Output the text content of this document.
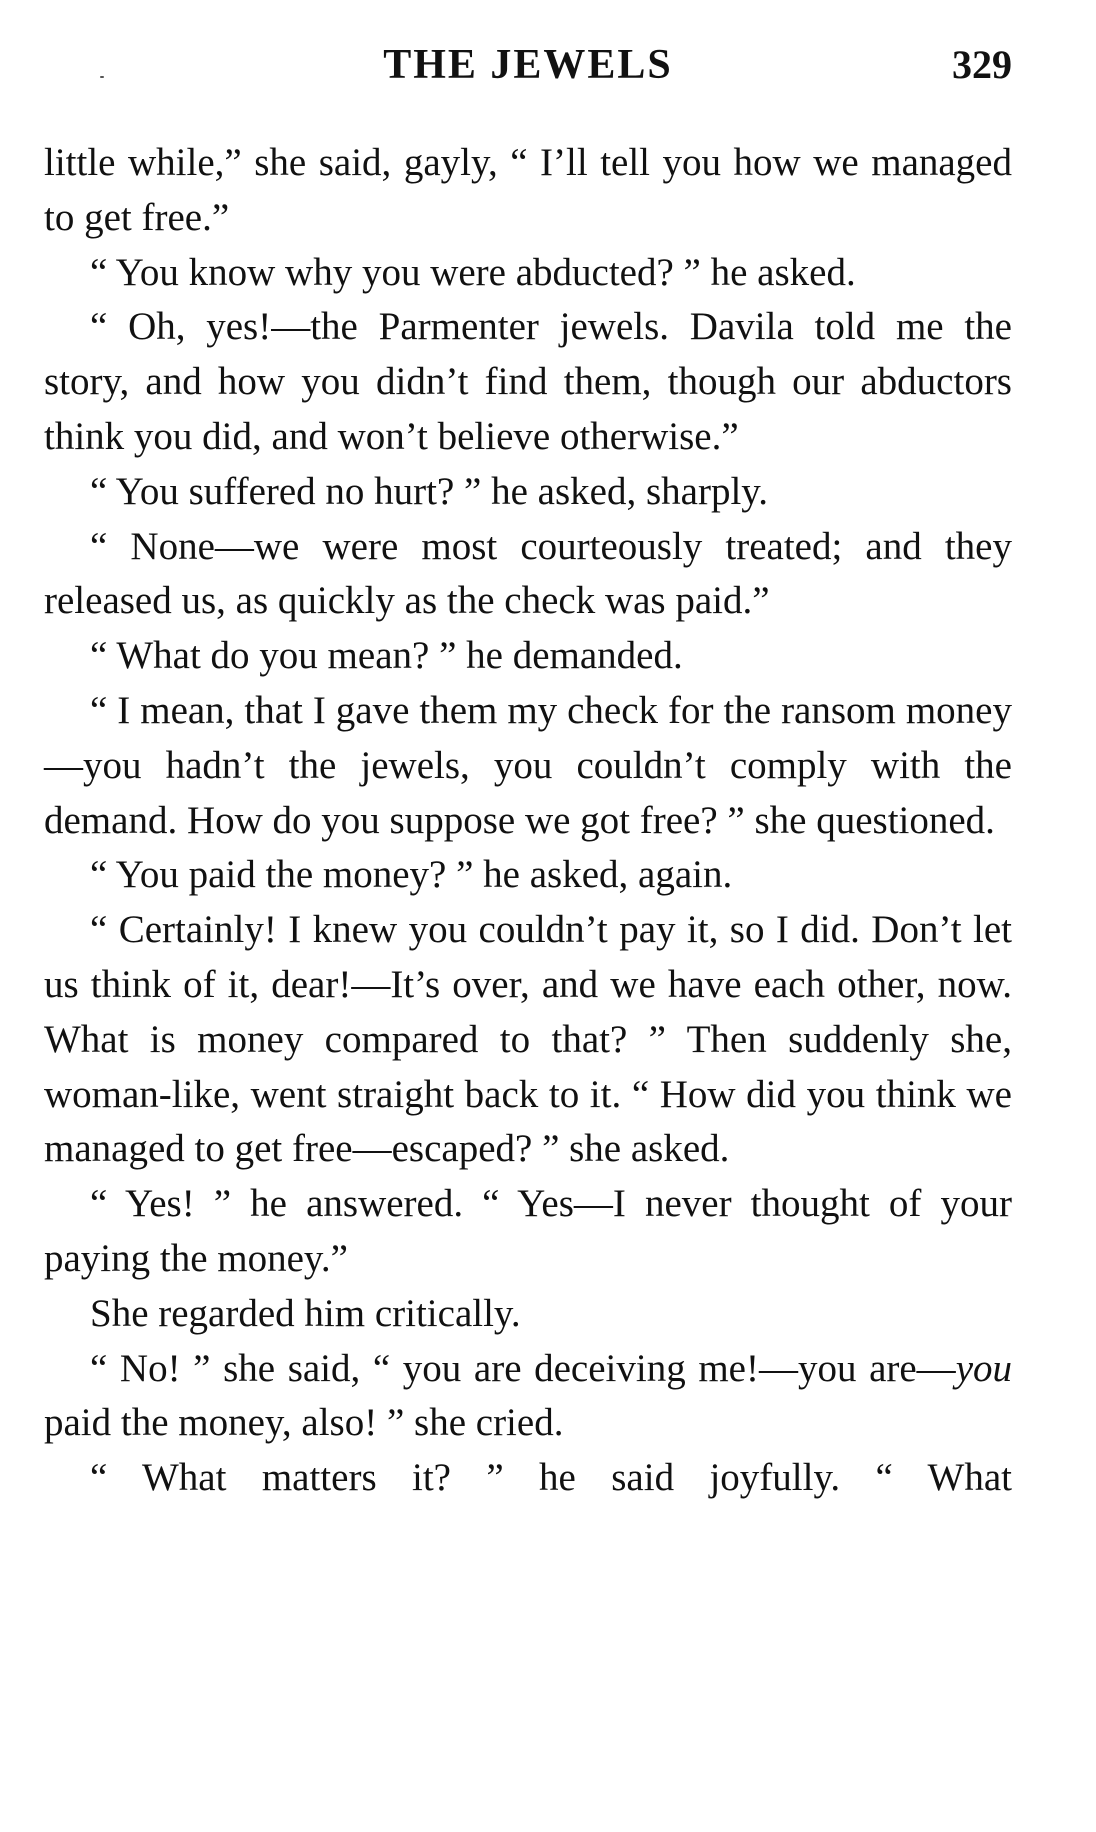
THE JEWELS	329

little while,” she said, gayly, “ I’ll tell you how we managed to get free.”

“ You know why you were abducted? ” he asked.

“ Oh, yes!—the Parmenter jewels. Davila told me the story, and how you didn’t find them, though our abductors think you did, and won’t believe otherwise.”

“ You suffered no hurt? ” he asked, sharply.

“ None—we were most courteously treated; and they released us, as quickly as the check was paid.”

“ What do you mean? ” he demanded.

“ I mean, that I gave them my check for the ransom money—you hadn’t the jewels, you couldn’t comply with the demand. How do you suppose we got free? ” she questioned.

“ You paid the money? ” he asked, again.

“ Certainly! I knew you couldn’t pay it, so I did. Don’t let us think of it, dear!—It’s over, and we have each other, now. What is money compared to that? ” Then suddenly she, woman-like, went straight back to it. “ How did you think we managed to get free—escaped? ” she asked.

“ Yes! ” he answered. “ Yes—I never thought of your paying the money.”

She regarded him critically.

“ No! ” she said, “ you are deceiving me!—you are—you paid the money, also! ” she cried.

“ What matters it? ” he said joyfully. “ What
